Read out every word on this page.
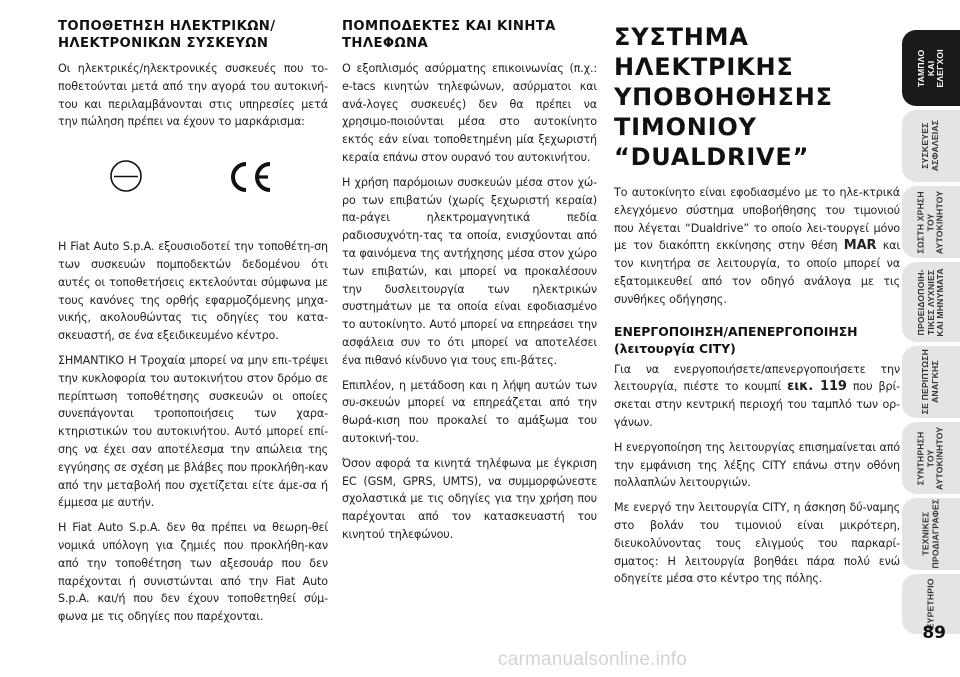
ΤΟΠΟΘΕΤΗΣΗ ΗΛΕΚΤΡΙΚΩΝ/ ΗΛΕΚΤΡΟΝΙΚΩΝ ΣΥΣΚΕΥΩΝ

Οι ηλεκτρικές/ηλεκτρονικές συσκευές που το-ποθετούνται μετά από την αγορά του αυτοκινή-του και περιλαμβάνονται στις υπηρεσίες μετά την πώληση πρέπει να έχουν το μαρκάρισμα:

Η Fiat Auto S.p.A. εξουσιοδοτεί την τοποθέτη-ση των συσκευών πομποδεκτών δεδομένου ότι αυτές οι τοποθετήσεις εκτελούνται σύμφωνα με τους κανόνες της ορθής εφαρμοζόμενης μηχα-νικής, ακολουθώντας τις οδηγίες του κατα-σκευαστή, σε ένα εξειδικευμένο κέντρο.

ΣΗΜΑΝΤΙΚΟ Η Τροχαία μπορεί να μην επι-τρέψει την κυκλοφορία του αυτοκινήτου στον δρόμο σε περίπτωση τοποθέτησης συσκευών οι οποίες συνεπάγονται τροποποιήσεις των χαρα-κτηριστικών του αυτοκινήτου. Αυτό μπορεί επί-σης να έχει σαν αποτέλεσμα την απώλεια της εγγύησης σε σχέση με βλάβες που προκλήθη-καν από την μεταβολή που σχετίζεται είτε άμε-σα ή έμμεσα με αυτήν.

Η Fiat Auto S.p.A. δεν θα πρέπει να θεωρη-θεί νομικά υπόλογη για ζημιές που προκλήθη-καν από την τοποθέτηση των αξεσουάρ που δεν παρέχονται ή συνιστώνται από την Fiat Auto S.p.A. και/ή που δεν έχουν τοποθετηθεί σύμ-φωνα με τις οδηγίες που παρέχονται.

ΠΟΜΠΟΔΕΚΤΕΣ ΚΑΙ ΚΙΝΗΤΑ ΤΗΛΕΦΩΝΑ

Ο εξοπλισμός ασύρματης επικοινωνίας (π.χ.: e-tacs κινητών τηλεφώνων, ασύρματοι και ανά-λογες συσκευές) δεν θα πρέπει να χρησιμο-ποιούνται μέσα στο αυτοκίνητο εκτός εάν είναι τοποθετημένη μία ξεχωριστή κεραία επάνω στον ουρανό του αυτοκινήτου.

Η χρήση παρόμοιων συσκευών μέσα στον χώ-ρο των επιβατών (χωρίς ξεχωριστή κεραία) πα-ράγει ηλεκτρομαγνητικά πεδία ραδιοσυχνότη-τας τα οποία, ενισχύονται από τα φαινόμενα της αντήχησης μέσα στον χώρο των επιβατών, και μπορεί να προκαλέσουν την δυσλειτουργία των ηλεκτρικών συστημάτων με τα οποία είναι εφοδιασμένο το αυτοκίνητο. Αυτό μπορεί να επηρεάσει την ασφάλεια συν το ότι μπορεί να αποτελέσει ένα πιθανό κίνδυνο για τους επι-βάτες.

Επιπλέον, η μετάδοση και η λήψη αυτών των συ-σκευών μπορεί να επηρεάζεται από την θωρά-κιση που προκαλεί το αμάξωμα του αυτοκινή-του.

Όσον αφορά τα κινητά τηλέφωνα με έγκριση EC (GSM, GPRS, UMTS), να συμμορφώνεστε σχολαστικά με τις οδηγίες για την χρήση που παρέχονται από τον κατασκευαστή του κινητού τηλεφώνου.

ΣΥΣΤΗΜΑ
ΗΛΕΚΤΡΙΚΗΣ
ΥΠΟΒΟΗΘΗΣΗΣ
ΤΙΜΟΝΙΟΥ
“DUALDRIVE”

Το αυτοκίνητο είναι εφοδιασμένο με το ηλε-κτρικά ελεγχόμενο σύστημα υποβοήθησης του τιμονιού που λέγεται “Dualdrive” το οποίο λει-τουργεί μόνο με τον διακόπτη εκκίνησης στην θέση MAR και τον κινητήρα σε λειτουργία, το οποίο μπορεί να εξατομικευθεί από τον οδηγό ανάλογα με τις συνθήκες οδήγησης.

ΕΝΕΡΓΟΠΟΙΗΣΗ/ΑΠΕΝΕΡΓΟΠΟΙΗΣΗ
(λειτουργία CITY)

Για να ενεργοποιήσετε/απενεργοποιήσετε την λειτουργία, πιέστε το κουμπί εικ. 119 που βρί-σκεται στην κεντρική περιοχή του ταμπλό των ορ-γάνων.

Η ενεργοποίηση της λειτουργίας επισημαίνεται από την εμφάνιση της λέξης CITY επάνω στην οθόνη πολλαπλών λειτουργιών.

Με ενεργό την λειτουργία CITY, η άσκηση δύ-ναμης στο βολάν του τιμονιού είναι μικρότερη, διευκολύνοντας τους ελιγμούς του παρκαρί-σματος: Η λειτουργία βοηθάει πάρα πολύ ενώ οδηγείτε μέσα στο κέντρο της πόλης.

ΤΑΜΠΛΟ
ΚΑΙ
ΕΛΕΓΧΟΙ
ΣΥΣΚΕΥΕΣ
ΑΣΦΑΛΕΙΑΣ
ΣΩΣΤΗ ΧΡΗΣΗ
ΤΟΥ
ΑΥΤΟΚΙΝΗΤΟΥ
ΠΡΟΕΙΔΟΠΟΙΗ-
ΤΙΚΕΣ ΛΥΧΝΙΕΣ
ΚΑΙ ΜΗΝΥΜΑΤΑ
ΣΕ ΠΕΡΙΠΤΩΣΗ
ΑΝΑΓΚΗΣ
ΣΥΝΤΗΡΗΣΗ
ΤΟΥ
ΑΥΤΟΚΙΝΗΤΟΥ
ΤΕΧΝΙΚΕΣ
ΠΡΟΔΙΑΓΡΑΦΕΣ
ΕΥΡΕΤΗΡΙΟ
89
carmanualsonline.info
